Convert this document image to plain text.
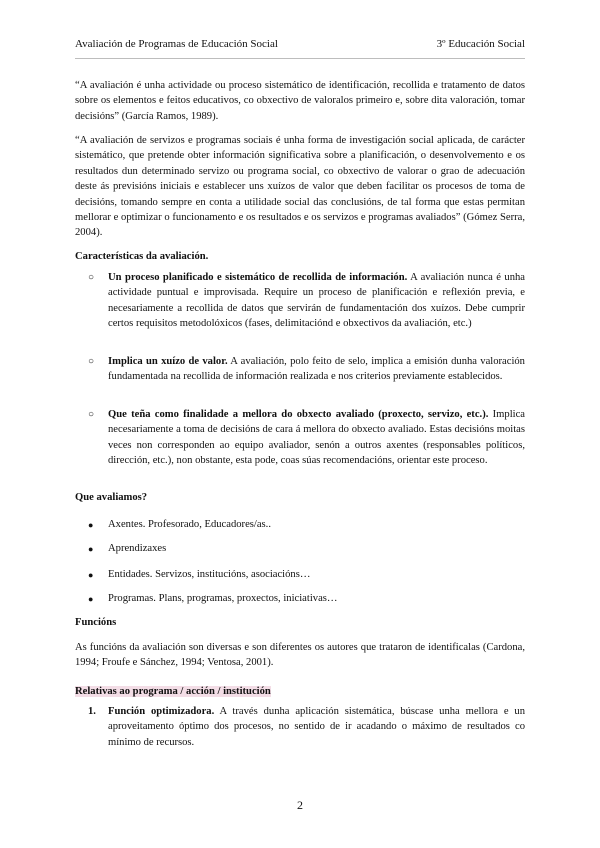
Avaliación de Programas de Educación Social	3º Educación Social

“A avaliación é unha actividade ou proceso sistemático de identificación, recollida e tratamento de datos sobre os elementos e feitos educativos, co obxectivo de valoralos primeiro e, sobre dita valoración, tomar decisións” (García Ramos, 1989).

“A avaliación de servizos e programas sociais é unha forma de investigación social aplicada, de carácter sistemático, que pretende obter información significativa sobre a planificación, o desenvolvemento e os resultados dun determinado servizo ou programa social, co obxectivo de valorar o grao de adecuación deste ás previsións iniciais e establecer uns xuízos de valor que deben facilitar os procesos de toma de decisións, tomando sempre en conta a utilidade social das conclusións, de tal forma que estas permitan mellorar e optimizar o funcionamento e os resultados e os servizos e programas avaliados” (Gómez Serra, 2004).

Características da avaliación.

○ Un proceso planificado e sistemático de recollida de información. A avaliación nunca é unha actividade puntual e improvisada. Require un proceso de planificación e reflexión previa, e necesariamente a recollida de datos que servirán de fundamentación dos xuízos. Debe cumprir certos requisitos metodolóxicos (fases, delimitaciónd e obxectivos da avaliación, etc.)

○ Implica un xuízo de valor. A avaliación, polo feito de selo, implica a emisión dunha valoración fundamentada na recollida de información realizada e nos criterios previamente establecidos.

○ Que teña como finalidade a mellora do obxecto avaliado (proxecto, servizo, etc.). Implica necesariamente a toma de decisións de cara á mellora do obxecto avaliado. Estas decisións moitas veces non corresponden ao equipo avaliador, senón a outros axentes (responsables políticos, dirección, etc.), non obstante, esta pode, coas súas recomendacións, orientar este proceso.

Que avaliamos?

● Axentes. Profesorado, Educadores/as..
● Aprendizaxes
● Entidades. Servizos, institucións, asociacións…
● Programas. Plans, programas, proxectos, iniciativas…

Funcións

As funcións da avaliación son diversas e son diferentes os autores que trataron de identificalas (Cardona, 1994; Froufe e Sánchez, 1994; Ventosa, 2001).

Relativas ao programa / acción / institución

1. Función optimizadora. A través dunha aplicación sistemática, búscase unha mellora e un aproveitamento óptimo dos procesos, no sentido de ir acadando o máximo de resultados co mínimo de recursos.

2
